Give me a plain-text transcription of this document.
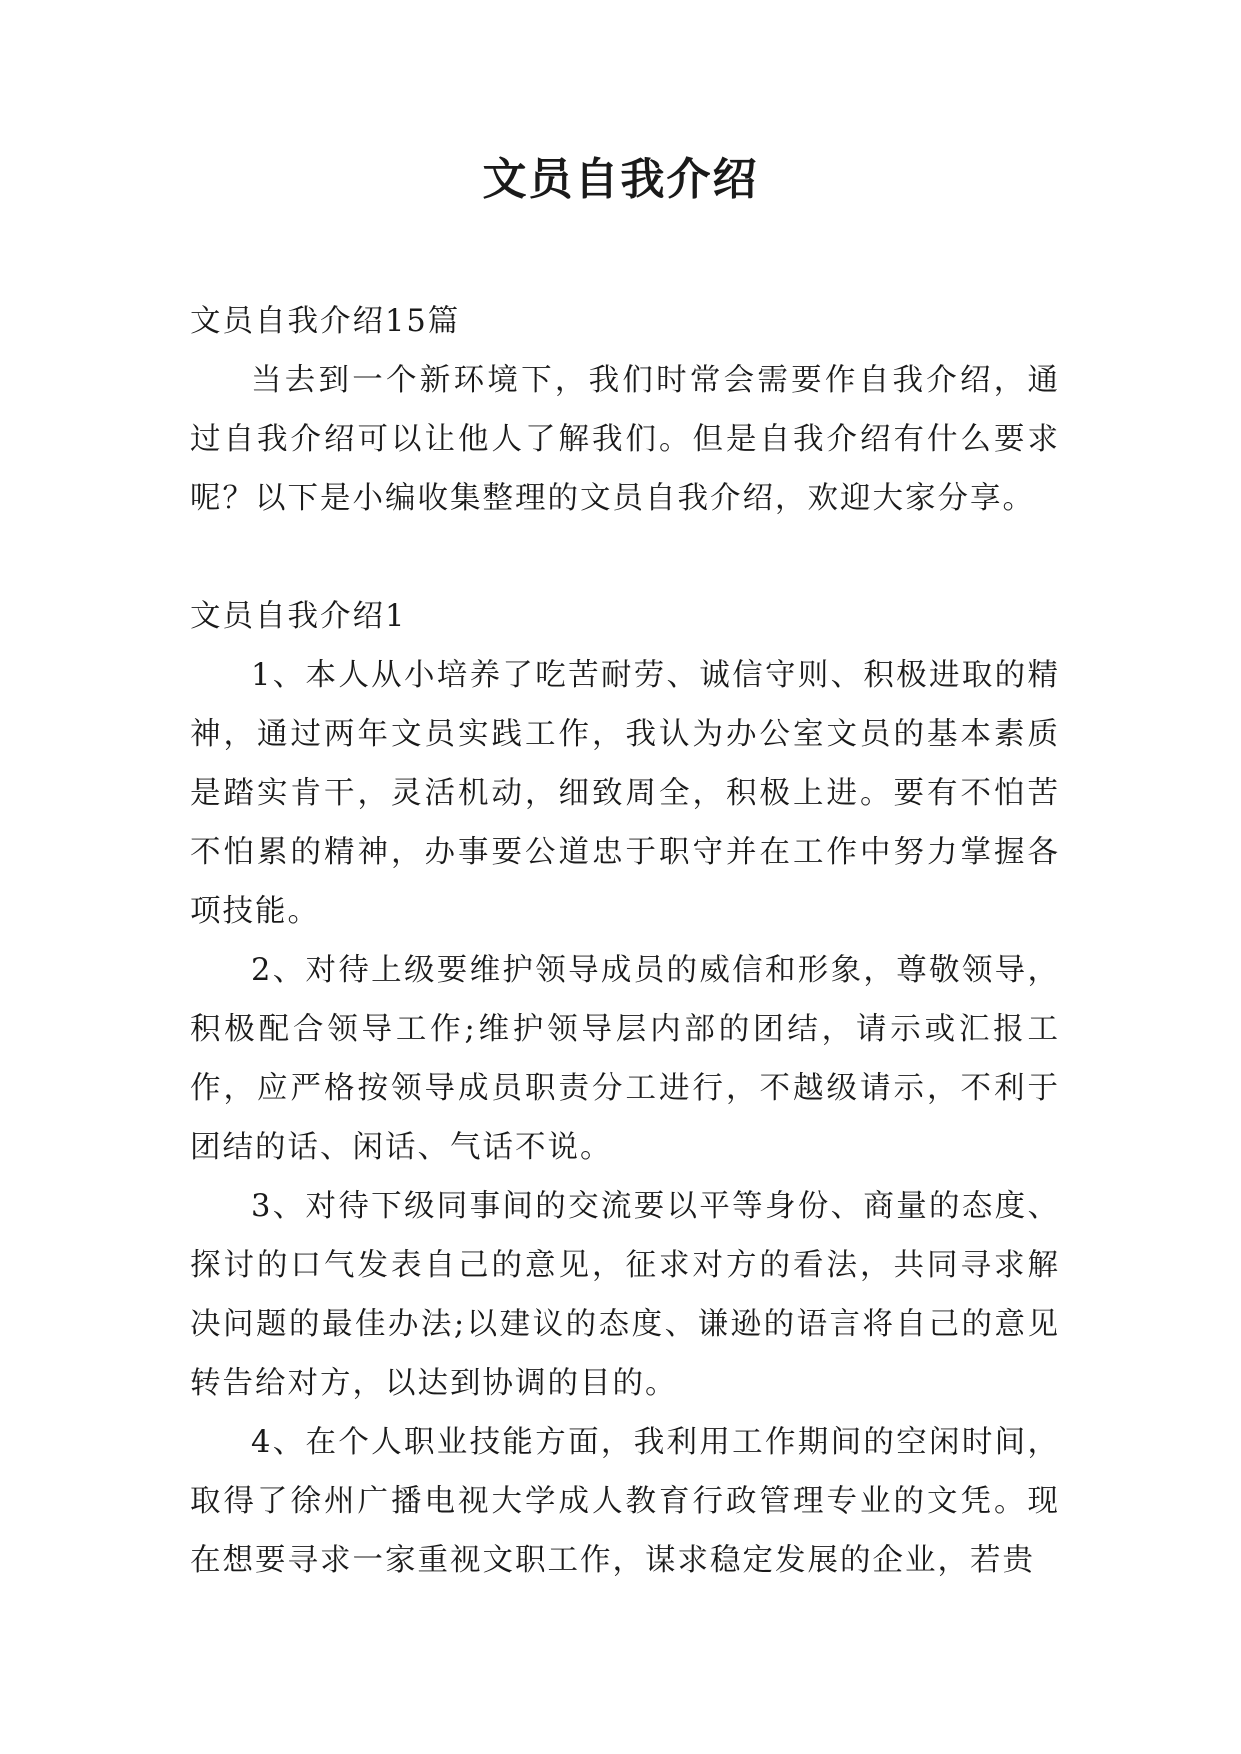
文员自我介绍

文员自我介绍15篇

当去到一个新环境下，我们时常会需要作自我介绍，通过自我介绍可以让他人了解我们。但是自我介绍有什么要求呢？以下是小编收集整理的文员自我介绍，欢迎大家分享。

文员自我介绍1

1、本人从小培养了吃苦耐劳、诚信守则、积极进取的精神，通过两年文员实践工作，我认为办公室文员的基本素质是踏实肯干，灵活机动，细致周全，积极上进。要有不怕苦不怕累的精神，办事要公道忠于职守并在工作中努力掌握各项技能。

2、对待上级要维护领导成员的威信和形象，尊敬领导，积极配合领导工作;维护领导层内部的团结，请示或汇报工作，应严格按领导成员职责分工进行，不越级请示，不利于团结的话、闲话、气话不说。

3、对待下级同事间的交流要以平等身份、商量的态度、探讨的口气发表自己的意见，征求对方的看法，共同寻求解决问题的最佳办法;以建议的态度、谦逊的语言将自己的意见转告给对方，以达到协调的目的。

4、在个人职业技能方面，我利用工作期间的空闲时间，取得了徐州广播电视大学成人教育行政管理专业的文凭。现在想要寻求一家重视文职工作，谋求稳定发展的企业，若贵
